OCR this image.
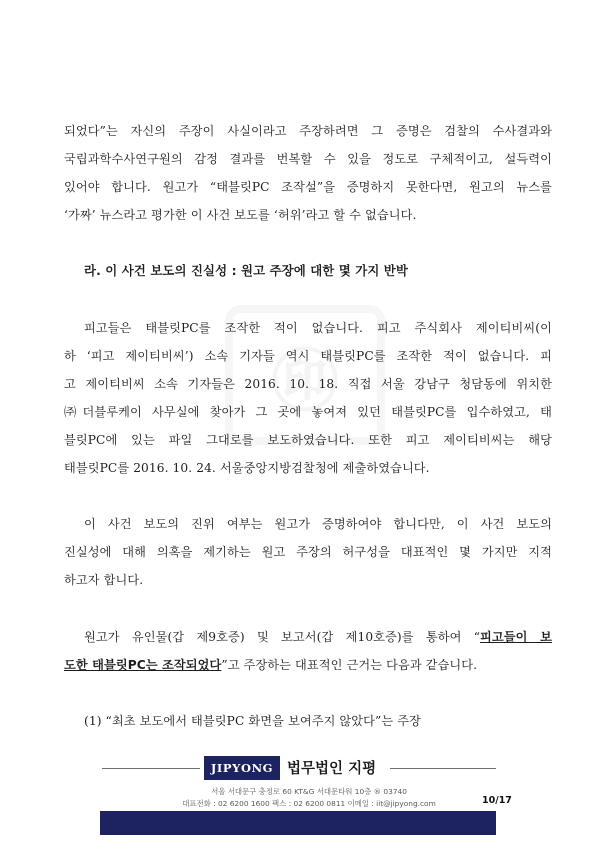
되었다”는 자신의 주장이 사실이라고 주장하려면 그 증명은 검찰의 수사결과와
국립과학수사연구원의 감정 결과를 번복할 수 있을 정도로 구체적이고, 설득력이
있어야 합니다. 원고가 “태블릿PC 조작설”을 증명하지 못한다면, 원고의 뉴스를
‘가짜’ 뉴스라고 평가한 이 사건 보도를 ‘허위’라고 할 수 없습니다.
라. 이 사건 보도의 진실성 : 원고 주장에 대한 몇 가지 반박
피고들은 태블릿PC를 조작한 적이 없습니다. 피고 주식회사 제이티비씨(이
하 ‘피고 제이티비씨’) 소속 기자들 역시 태블릿PC를 조작한 적이 없습니다. 피
고 제이티비씨 소속 기자들은 2016. 10. 18. 직접 서울 강남구 청담동에 위치한
㈜더블루케이 사무실에 찾아가 그 곳에 놓여져 있던 태블릿PC를 입수하였고, 태
블릿PC에 있는 파일 그대로를 보도하였습니다. 또한 피고 제이티비씨는 해당
태블릿PC를 2016. 10. 24. 서울중앙지방검찰청에 제출하였습니다.
이 사건 보도의 진위 여부는 원고가 증명하여야 합니다만, 이 사건 보도의
진실성에 대해 의혹을 제기하는 원고 주장의 허구성을 대표적인 몇 가지만 지적
하고자 합니다.
원고가 유인물(갑 제9호증) 및 보고서(갑 제10호증)를 통하여 “피고들이 보
도한 태블릿PC는 조작되었다”고 주장하는 대표적인 근거는 다음과 같습니다.
(1) “최초 보도에서 태블릿PC 화면을 보여주지 않았다”는 주장
JIPYONG 법무법인 지평
서울 서대문구 충정로 60 KT&G 서대문타워 10층 ® 03740
대표전화 : 02 6200 1600 팩스 : 02 6200 0811 이메일 : iit@jipyong.com	10/17
